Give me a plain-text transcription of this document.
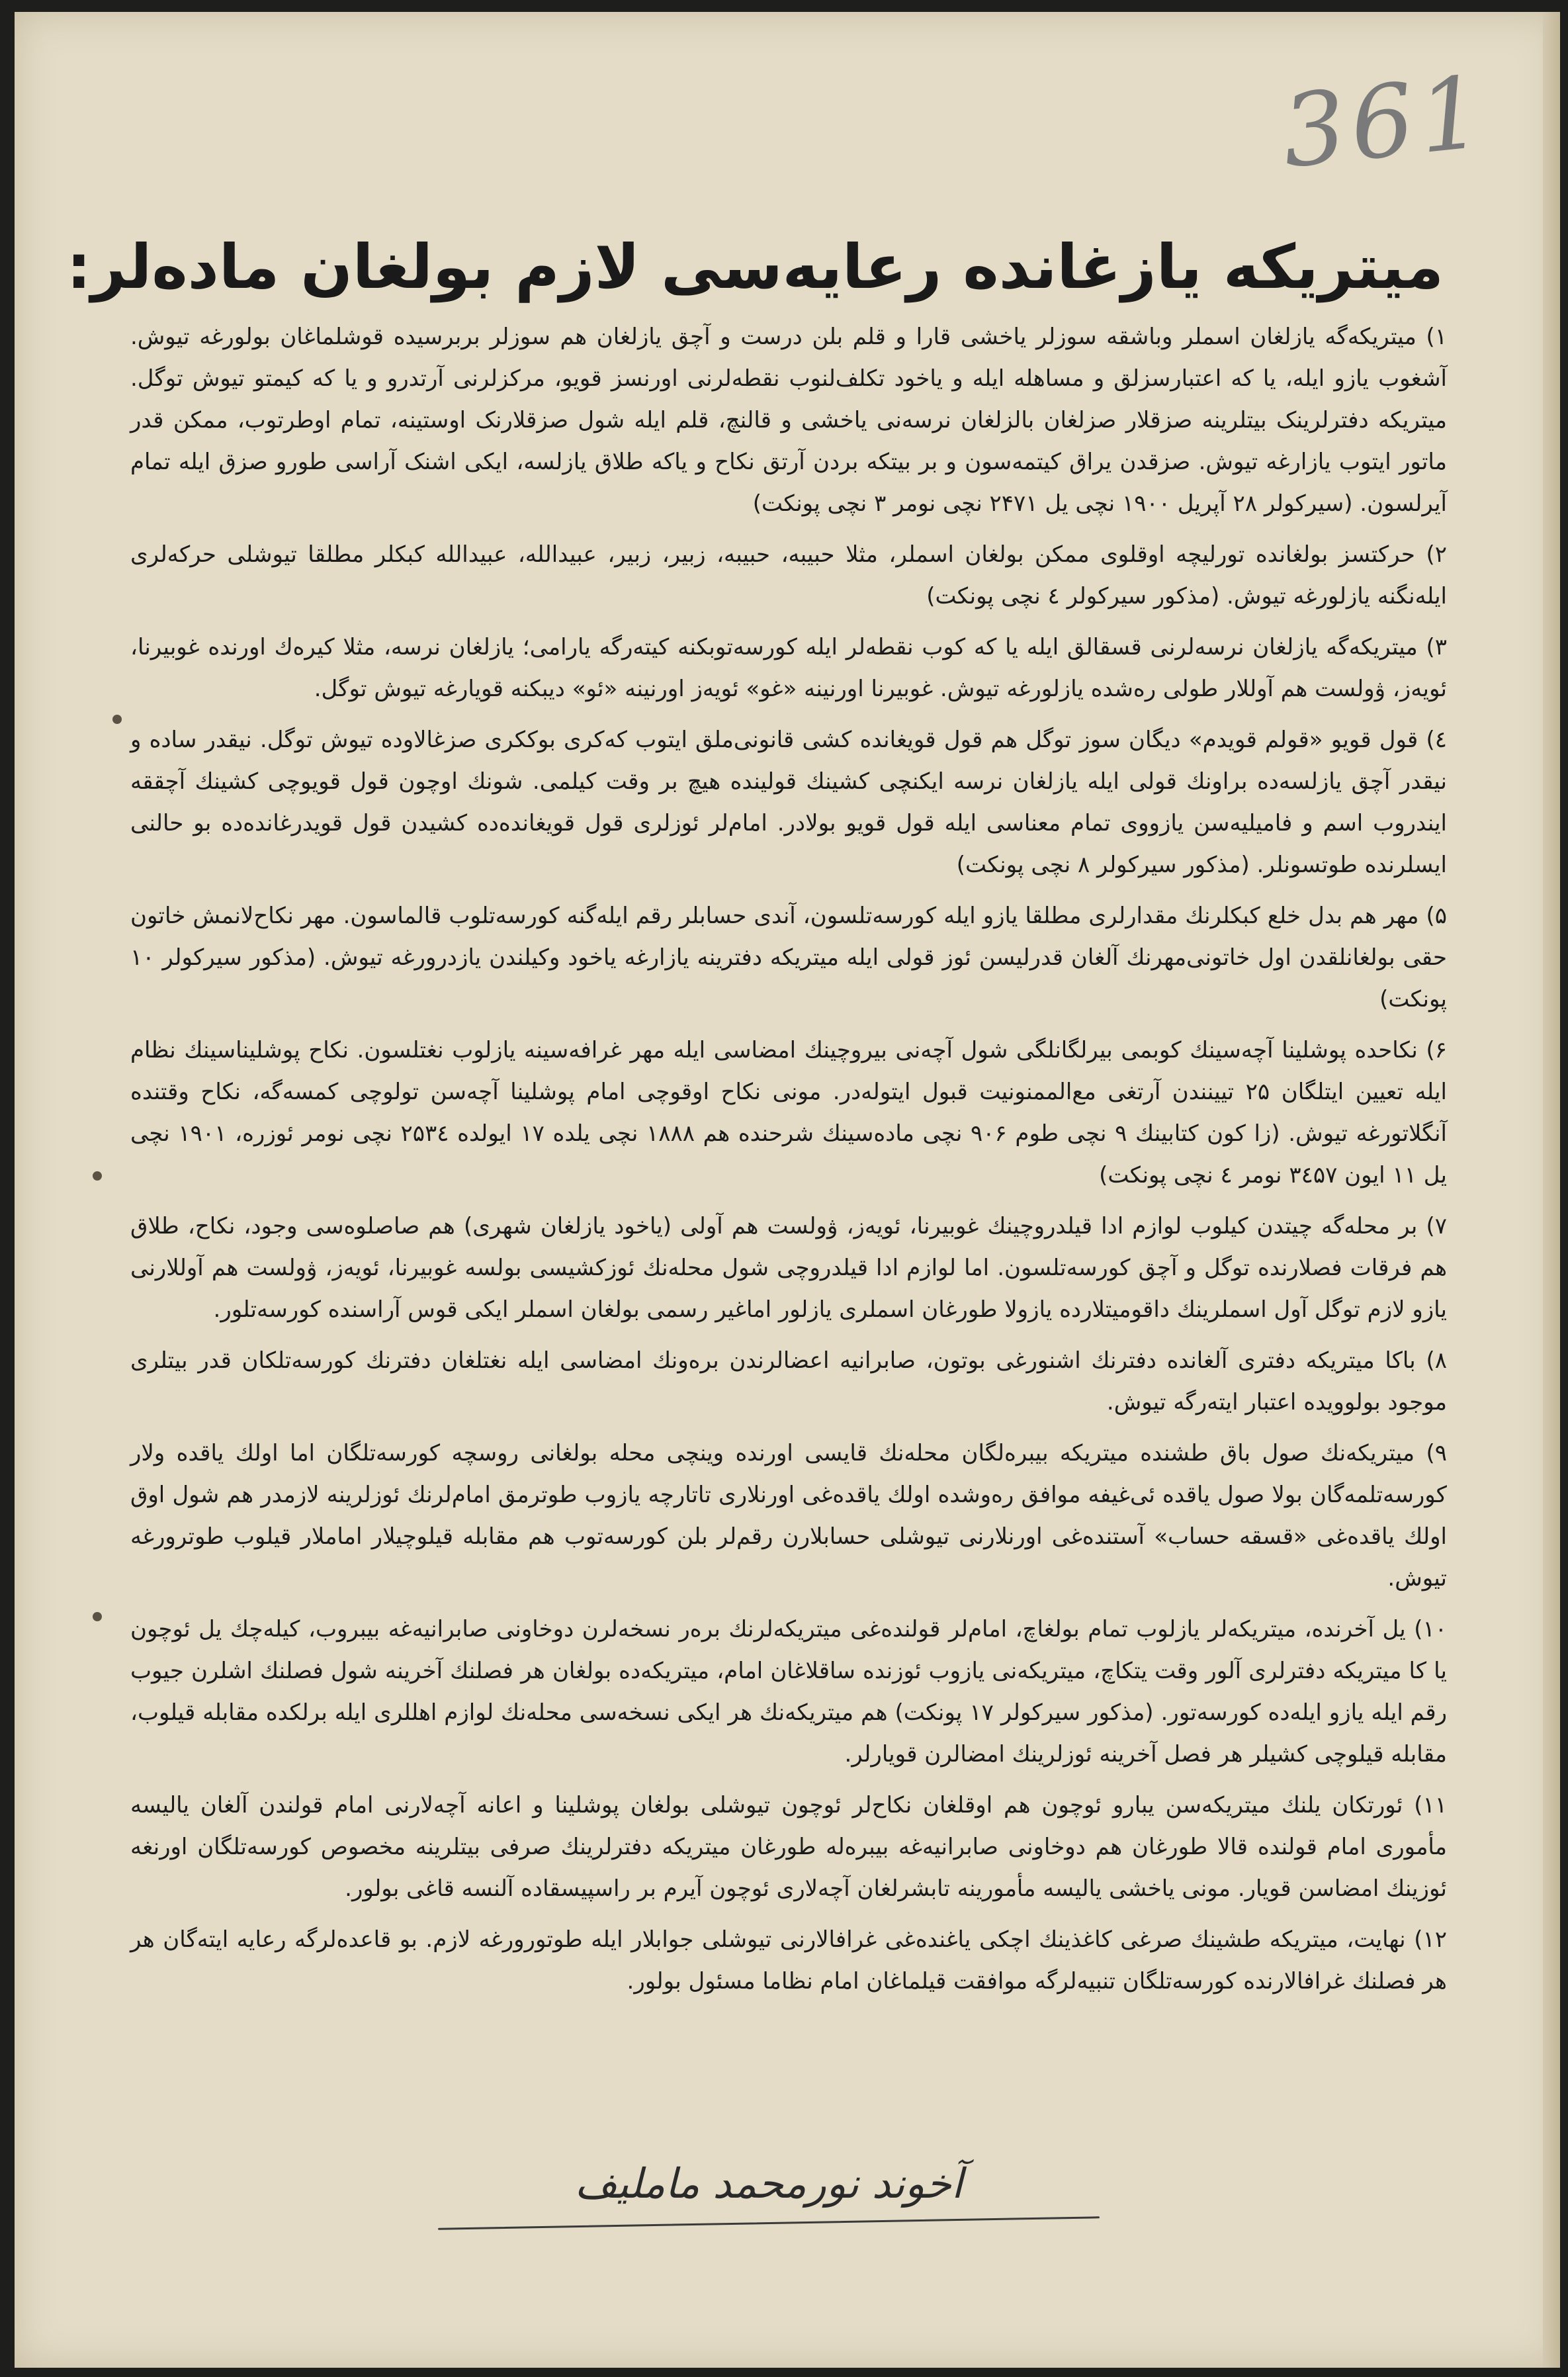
361
میتریکه یازغانده رعایه‌سی لازم بولغان ماده‌لر:

۱) میتریکه‌گه یازلغان اسملر وباشقه سوزلر یاخشی قارا و قلم بلن درست و آچق یازلغان هم سوزلر بربرسیده قوشلماغان بولورغه تیوش. آشغوب یازو ایله، یا که اعتبارسزلق و مساهله ایله و یاخود تکلف‌لنوب نقطه‌لرنی اورنسز قویو، مرکزلرنی آرتدرو و یا که کیمتو تیوش توگل. میتریکه دفترلرینک بیتلرینه صزقلار صزلغان بالزلغان نرسه‌نی یاخشی و قالنچ، قلم ایله شول صزقلارنک اوستینه، تمام اوطرتوب، ممکن قدر ماتور ایتوب یازارغه تیوش. صزقدن یراق کیتمه‌سون و بر بیتکه بردن آرتق نکاح و یاکه طلاق یازلسه، ایکی اشنک آراسی طورو صزق ایله تمام آیرلسون. (سیرکولر ۲۸ آپریل ۱۹۰۰ نچی یل ۲۴۷۱ نچی نومر ۳ نچی پونکت)

۲) حرکتسز بولغانده تورلیچه اوقلوی ممکن بولغان اسملر، مثلا حبیبه، حبیبه، زبیر، زبیر، عبیدالله، عبیدالله کبکلر مطلقا تیوشلی حرکه‌لری ایله‌نگنه یازلورغه تیوش. (مذکور سیرکولر ٤ نچی پونکت)

۳) میتریکه‌گه یازلغان نرسه‌لرنی قسقالق ایله یا که کوب نقطه‌لر ایله کورسه‌توبکنه کیته‌رگه یارامی؛ یازلغان نرسه، مثلا کیره‌ك اورنده غوبیرنا، ئویه‌ز، ۋولست هم آوللار طولی ره‌شده یازلورغه تیوش. غوبیرنا اورنینه «غو» ئویه‌ز اورنینه «ئو» دیبکنه قویارغه تیوش توگل.

٤) قول قویو «قولم قویدم» دیگان سوز توگل هم قول قویغانده کشی قانونی‌ملق ایتوب که‌کری بوککری صزغالاوده تیوش توگل. نیقدر ساده و نیقدر آچق یازلسه‌ده براونك قولی ایله یازلغان نرسه ایکنچی کشینك قولینده هیچ بر وقت کیلمی. شونك اوچون قول قویوچی کشینك آچققه ایندروب اسم و فامیلیه‌سن یازووی تمام معناسی ایله قول قویو بولادر. امام‌لر ئوزلری قول قویغانده‌ده کشیدن قول قویدرغانده‌ده بو حالنی ایسلرنده طوتسونلر. (مذکور سیرکولر ۸ نچی پونکت)

۵) مهر هم بدل خلع کبکلرنك مقدارلری مطلقا یازو ایله کورسه‌تلسون، آندی حسابلر رقم ایله‌گنه کورسه‌تلوب قالماسون. مهر نکاح‌لانمش خاتون حقی بولغانلقدن اول خاتونی‌مهرنك آلغان قدرلیسن ئوز قولی ایله میتریکه دفترینه یازارغه یاخود وکیلندن یازدرورغه تیوش. (مذکور سیرکولر ۱۰ پونکت)

۶) نکاحده پوشلینا آچه‌سینك کوبمی بیرلگانلگی شول آچه‌نی بیروچینك امضاسی ایله مهر غرافه‌سینه یازلوب نغتلسون. نکاح پوشلیناسینك نظام ایله تعیین ایتلگان ۲۵ تیینندن آرتغی مع‌الممنونیت قبول ایتوله‌در. مونی نکاح اوقوچی امام پوشلینا آچه‌سن تولوچی کمسه‌گه، نکاح وقتنده آنگلاتورغه تیوش. (زا کون کتابینك ۹ نچی طوم ۹۰۶ نچی ماده‌سینك شرحنده هم ۱۸۸۸ نچی یلده ۱۷ ایولده ۲۵۳٤ نچی نومر ئوزره، ۱۹۰۱ نچی یل ۱۱ ایون ۳٤۵۷ نومر ٤ نچی پونکت)

۷) بر محله‌گه چیتدن کیلوب لوازم ادا قیلدروچینك غوبیرنا، ئویه‌ز، ۋولست هم آولی (یاخود یازلغان شهری) هم صاصلوه‌سی وجود، نکاح، طلاق هم فرقات فصلارنده توگل و آچق کورسه‌تلسون. اما لوازم ادا قیلدروچی شول محله‌نك ئوزکشیسی بولسه غوبیرنا، ئویه‌ز، ۋولست هم آوللارنی یازو لازم توگل آول اسملرینك داقومیتلارده یازولا طورغان اسملری یازلور اماغیر رسمی بولغان اسملر ایکی قوس آراسنده کورسه‌تلور.

۸) باکا میتریکه دفتری آلغانده دفترنك اشنورغی بوتون، صابرانیه اعضالرندن بره‌ونك امضاسی ایله نغتلغان دفترنك کورسه‌تلکان قدر بیتلری موجود بولوویده اعتبار ایته‌رگه تیوش.

۹) میتریکه‌نك صول باق طشنده میتریکه بیبره‌لگان محله‌نك قایسی اورنده وینچی محله بولغانی روسچه کورسه‌تلگان اما اولك یاقده‌ ولار کورسه‌تلمه‌گان بولا صول یاقده ئی‌غیفه موافق ره‌وشده اولك یاقده‌غی اورنلاری تاتارچه یازوب طوترمق امام‌لرنك ئوزلرینه لازمدر هم شول اوق اولك یاقده‌غی «قسقه حساب» آستنده‌غی اورنلارنی تیوشلی حسابلارن رقم‌لر بلن کورسه‌توب هم مقابله قیلوچیلار اماملار قیلوب طوترورغه تیوش.

۱۰) یل آخرنده، میتریکه‌لر یازلوب تمام بولغاچ، امام‌لر قولنده‌غی میتریکه‌لرنك بره‌ر نسخه‌لرن دوخاونی صابرانیه‌غه بیبروب، کیله‌چك یل ئوچون یا کا میتریکه دفترلری آلور وقت یتکاچ، میتریکه‌نی یازوب ئوزنده ساقلاغان امام، میتریکه‌ده بولغان هر فصلنك آخرینه شول فصلنك اشلرن جیوب رقم ایله یازو ایله‌ده کورسه‌تور. (مذکور سیرکولر ۱۷ پونکت) هم میتریکه‌نك هر ایکی نسخه‌سی محله‌نك لوازم اهللری ایله برلکده مقابله قیلوب، مقابله قیلوچی کشیلر هر فصل آخرینه ئوزلرینك امضالرن قویارلر.

۱۱) ئورتکان یلنك میتریکه‌سن یبارو ئوچون هم اوقلغان نکاح‌لر ئوچون تیوشلی بولغان پوشلینا و اعانه آچه‌لارنی امام قولندن آلغان یالیسه مأموری امام قولنده قالا طورغان هم دوخاونی صابرانیه‌غه بیبره‌له طورغان میتریکه دفترلرینك صرفی بیتلرینه مخصوص کورسه‌تلگان اورنغه ئوزینك امضاسن قویار. مونی یاخشی یالیسه مأمورینه تابشرلغان آچه‌لاری ئوچون آیرم بر راسپیسقاده آلنسه قاغی بولور.

۱۲) نهایت، میتریکه طشینك صرغی کاغذینك اچکی یاغنده‌غی غرافالارنی تیوشلی جوابلار ایله طوتورورغه لازم. بو قاعده‌لرگه رعایه ایته‌گان هر هر فصلنك غرافالارنده کورسه‌تلگان تنبیه‌لرگه موافقت قیلماغان امام نظاما مسئول بولور.

آخوند نورمحمد ماملیف
